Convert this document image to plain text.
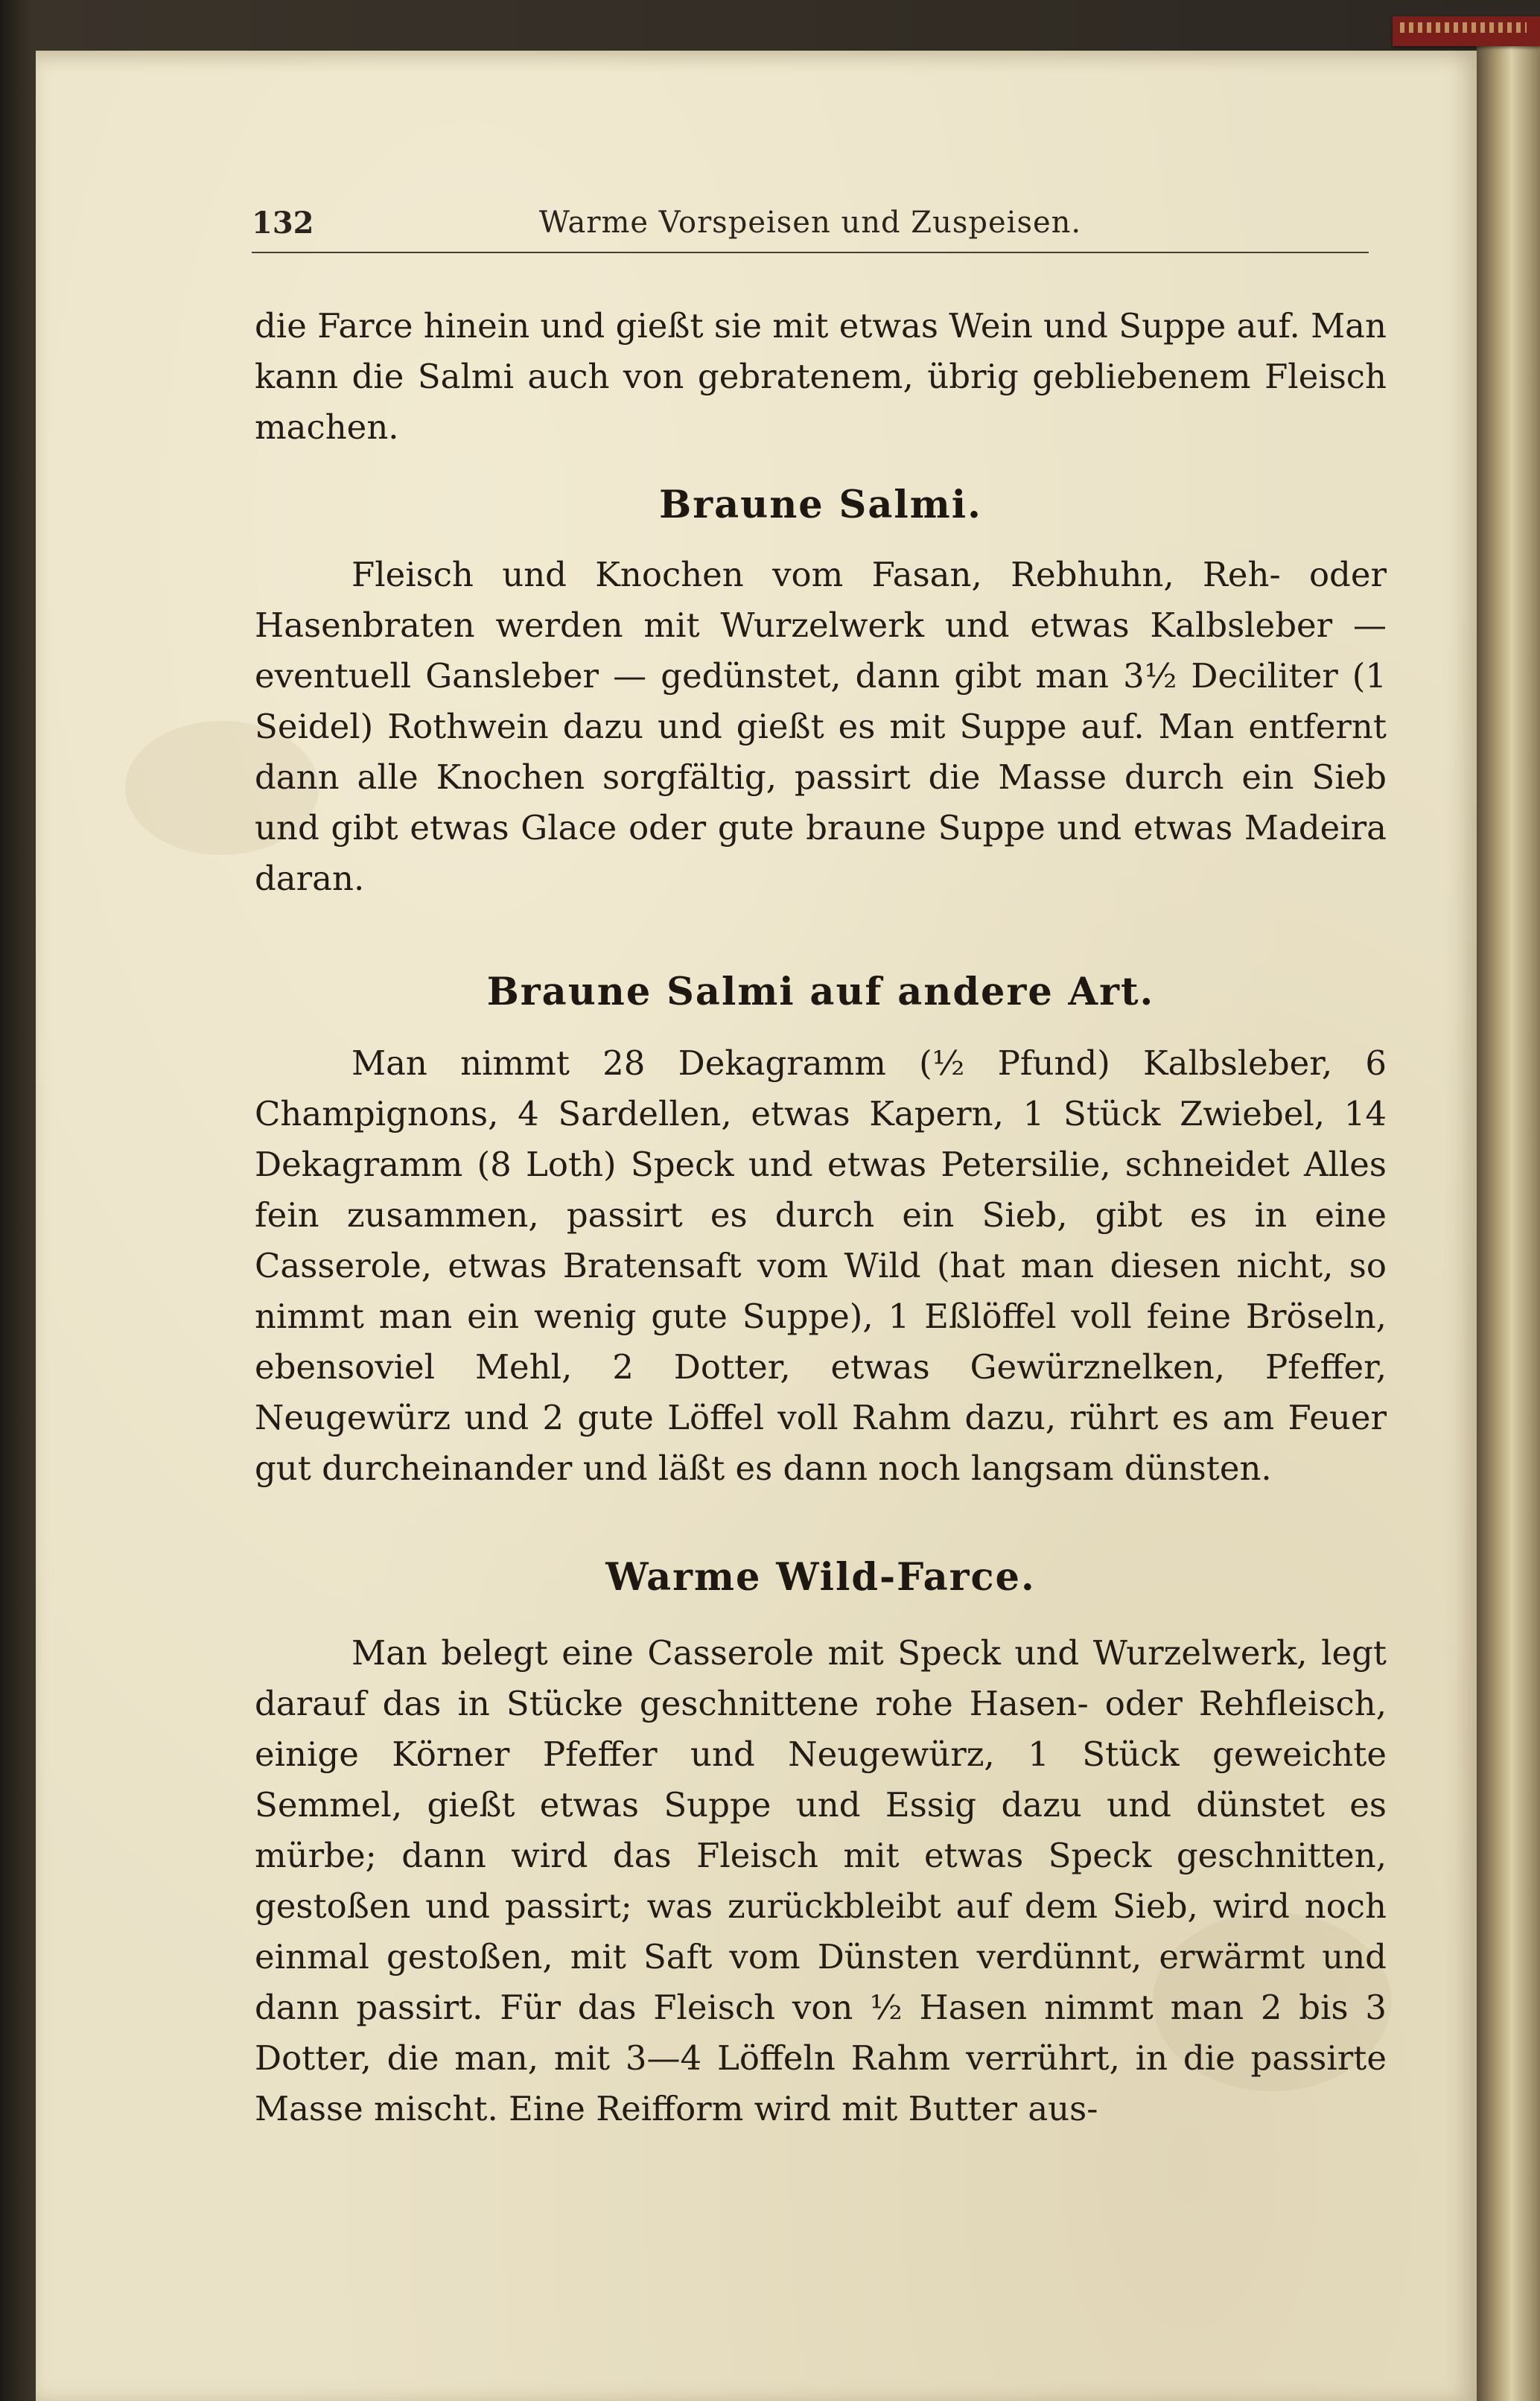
132	Warme Vorspeisen und Zuspeisen.

die Farce hinein und gießt sie mit etwas Wein und Suppe auf. Man kann die Salmi auch von gebratenem, übrig gebliebenem Fleisch machen.

Braune Salmi.

Fleisch und Knochen vom Fasan, Rebhuhn, Reh- oder Hasenbraten werden mit Wurzelwerk und etwas Kalbsleber — eventuell Gansleber — gedünstet, dann gibt man 3½ Deciliter (1 Seidel) Rothwein dazu und gießt es mit Suppe auf. Man entfernt dann alle Knochen sorgfältig, passirt die Masse durch ein Sieb und gibt etwas Glace oder gute braune Suppe und etwas Madeira daran.

Braune Salmi auf andere Art.

Man nimmt 28 Dekagramm (½ Pfund) Kalbsleber, 6 Champignons, 4 Sardellen, etwas Kapern, 1 Stück Zwiebel, 14 Dekagramm (8 Loth) Speck und etwas Petersilie, schneidet Alles fein zusammen, passirt es durch ein Sieb, gibt es in eine Casserole, etwas Bratensaft vom Wild (hat man diesen nicht, so nimmt man ein wenig gute Suppe), 1 Eßlöffel voll feine Bröseln, ebensoviel Mehl, 2 Dotter, etwas Gewürznelken, Pfeffer, Neugewürz und 2 gute Löffel voll Rahm dazu, rührt es am Feuer gut durcheinander und läßt es dann noch langsam dünsten.

Warme Wild-Farce.

Man belegt eine Casserole mit Speck und Wurzelwerk, legt darauf das in Stücke geschnittene rohe Hasen- oder Rehfleisch, einige Körner Pfeffer und Neugewürz, 1 Stück geweichte Semmel, gießt etwas Suppe und Essig dazu und dünstet es mürbe; dann wird das Fleisch mit etwas Speck geschnitten, gestoßen und passirt; was zurückbleibt auf dem Sieb, wird noch einmal gestoßen, mit Saft vom Dünsten verdünnt, erwärmt und dann passirt. Für das Fleisch von ½ Hasen nimmt man 2 bis 3 Dotter, die man, mit 3—4 Löffeln Rahm verrührt, in die passirte Masse mischt. Eine Reifform wird mit Butter aus-
